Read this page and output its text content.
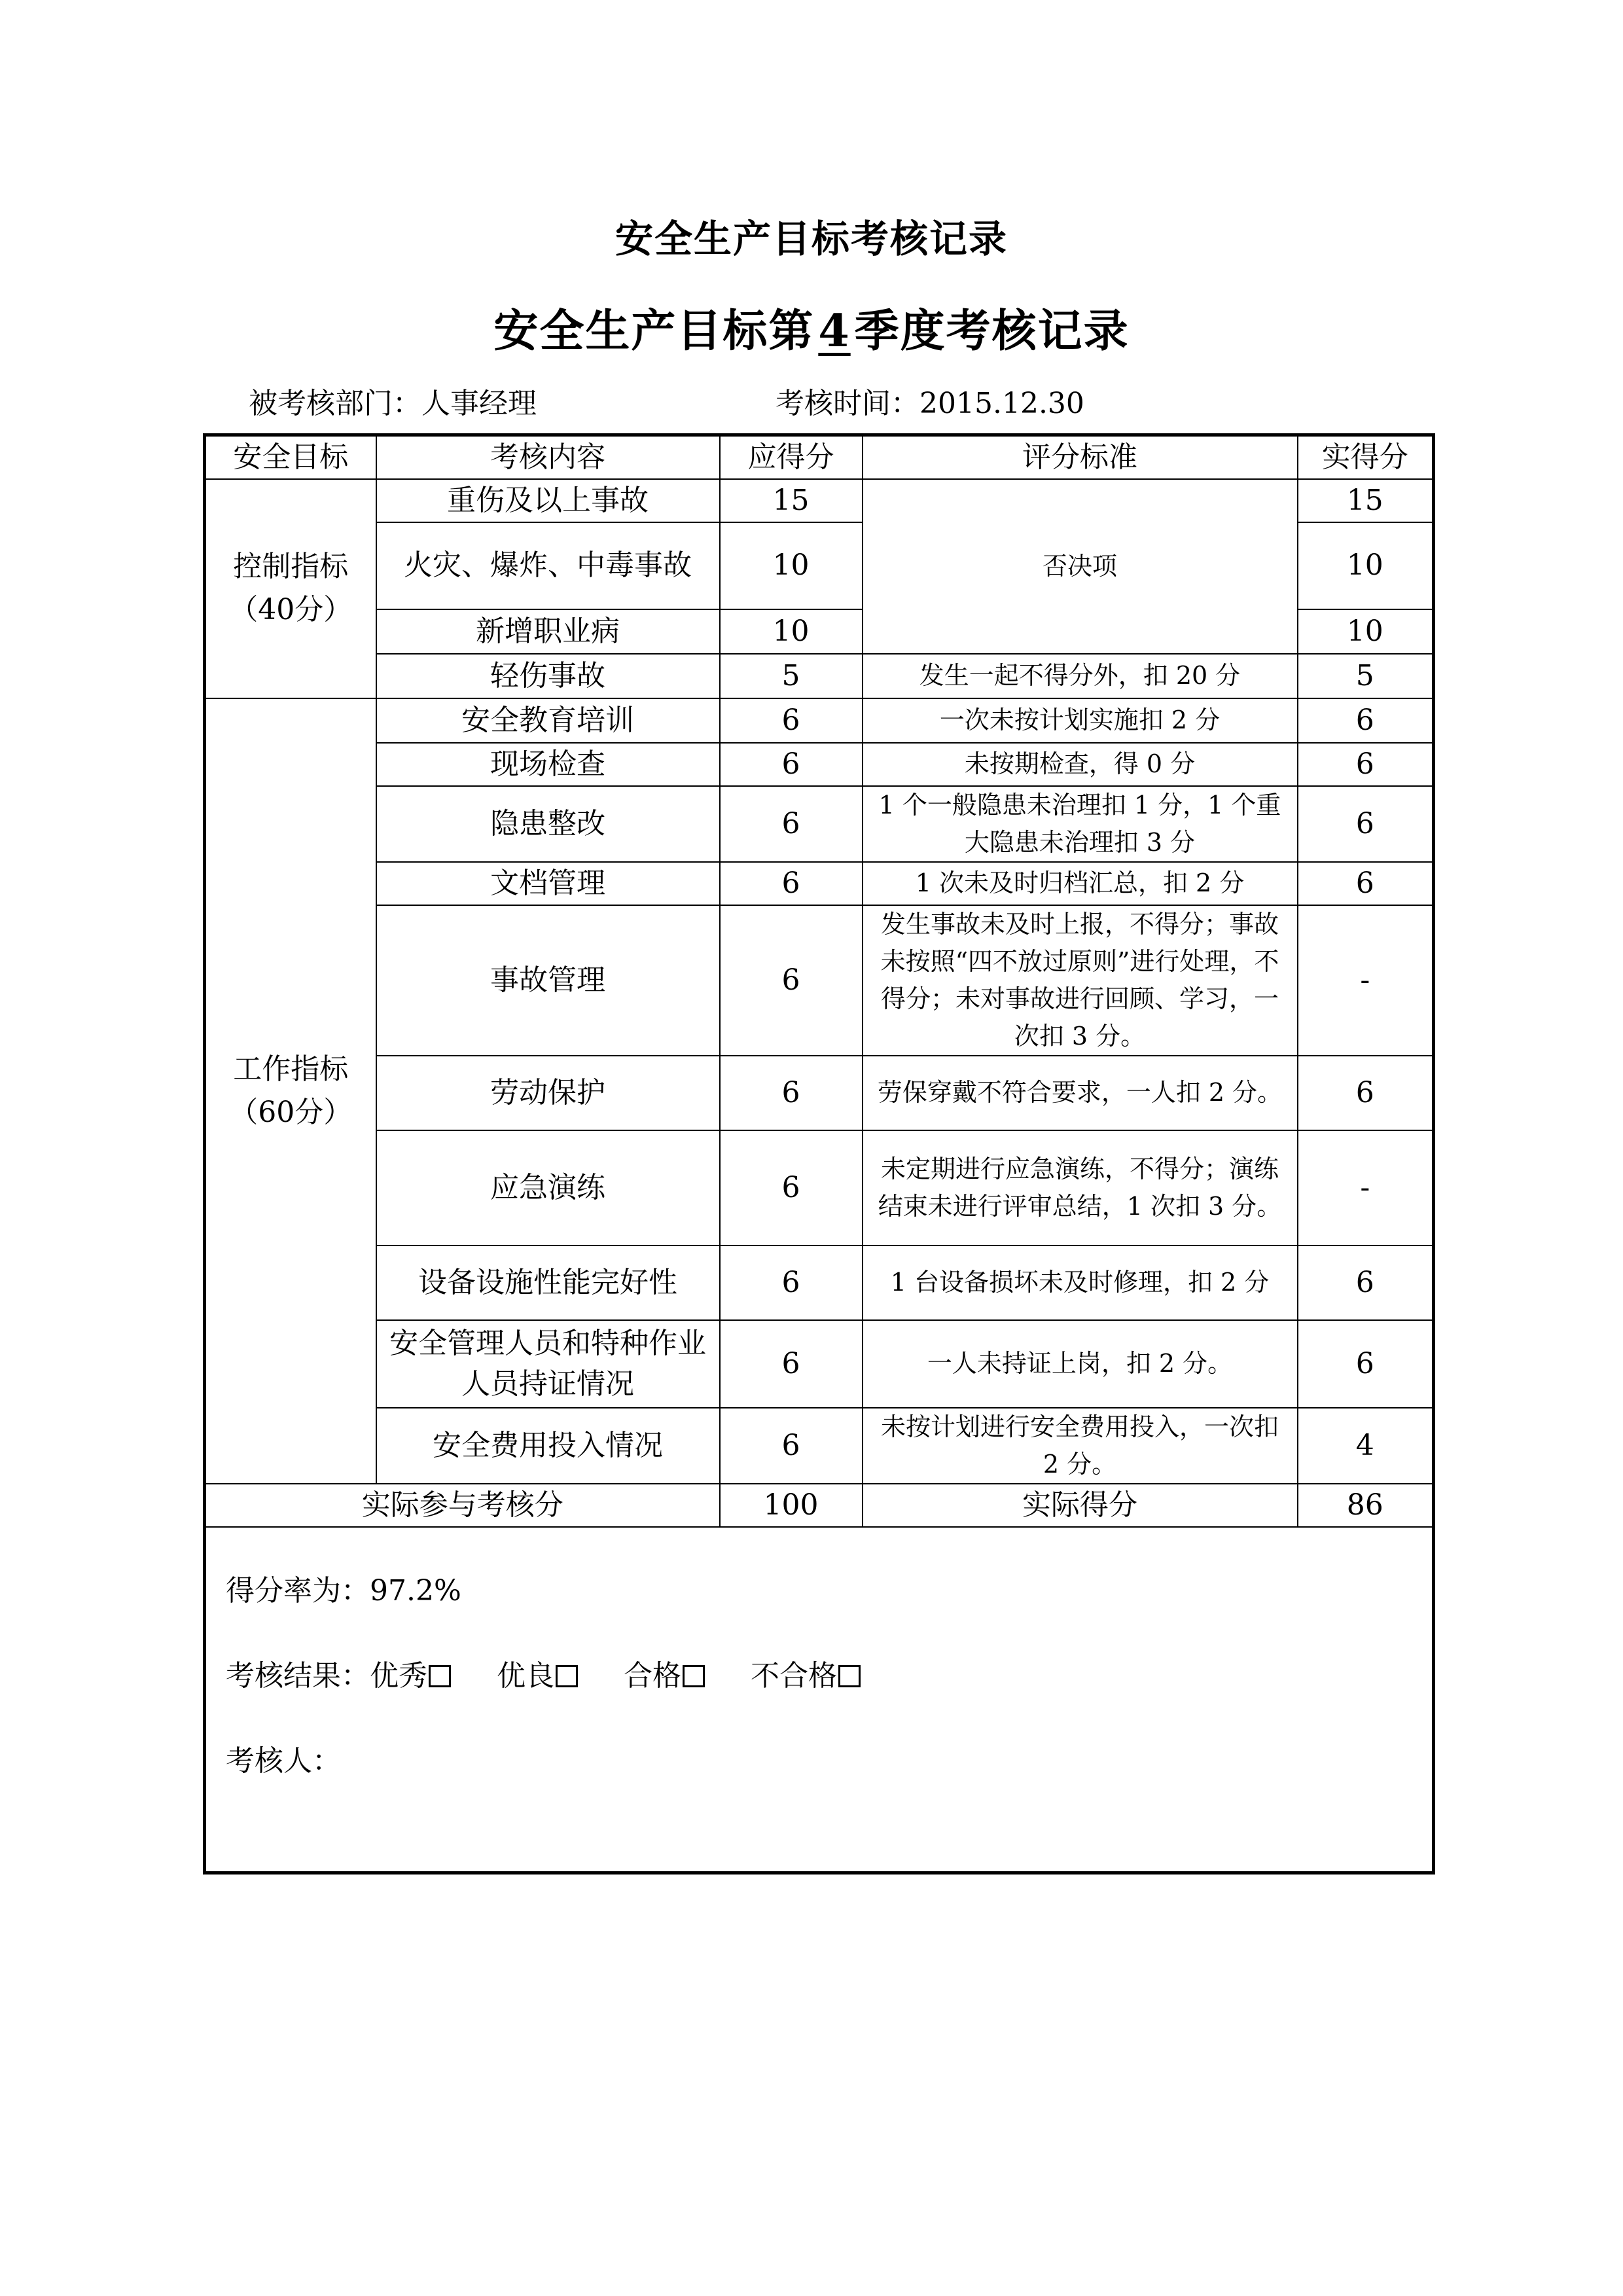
安全生产目标考核记录
安全生产目标第4季度考核记录
被考核部门：人事经理	考核时间：2015.12.30
安全目标	考核内容	应得分	评分标准	实得分
控制指标（40分）	重伤及以上事故	15	否决项	15
	火灾、爆炸、中毒事故	10		10
	新增职业病	10		10
	轻伤事故	5	发生一起不得分外，扣 20 分	5
工作指标（60分）	安全教育培训	6	一次未按计划实施扣 2 分	6
	现场检查	6	未按期检查，得 0 分	6
	隐患整改	6	1 个一般隐患未治理扣 1 分，1 个重大隐患未治理扣 3 分	6
	文档管理	6	1 次未及时归档汇总，扣 2 分	6
	事故管理	6	发生事故未及时上报，不得分；事故未按照“四不放过原则”进行处理，不得分；未对事故进行回顾、学习，一次扣 3 分。	-
	劳动保护	6	劳保穿戴不符合要求，一人扣 2 分。	6
	应急演练	6	未定期进行应急演练，不得分；演练结束未进行评审总结，1 次扣 3 分。	-
	设备设施性能完好性	6	1 台设备损坏未及时修理，扣 2 分	6
	安全管理人员和特种作业人员持证情况	6	一人未持证上岗，扣 2 分。	6
	安全费用投入情况	6	未按计划进行安全费用投入，一次扣 2 分。	4
实际参与考核分		100	实际得分	86

得分率为：97.2%
考核结果：优秀 优良 合格 不合格
考核人：				
